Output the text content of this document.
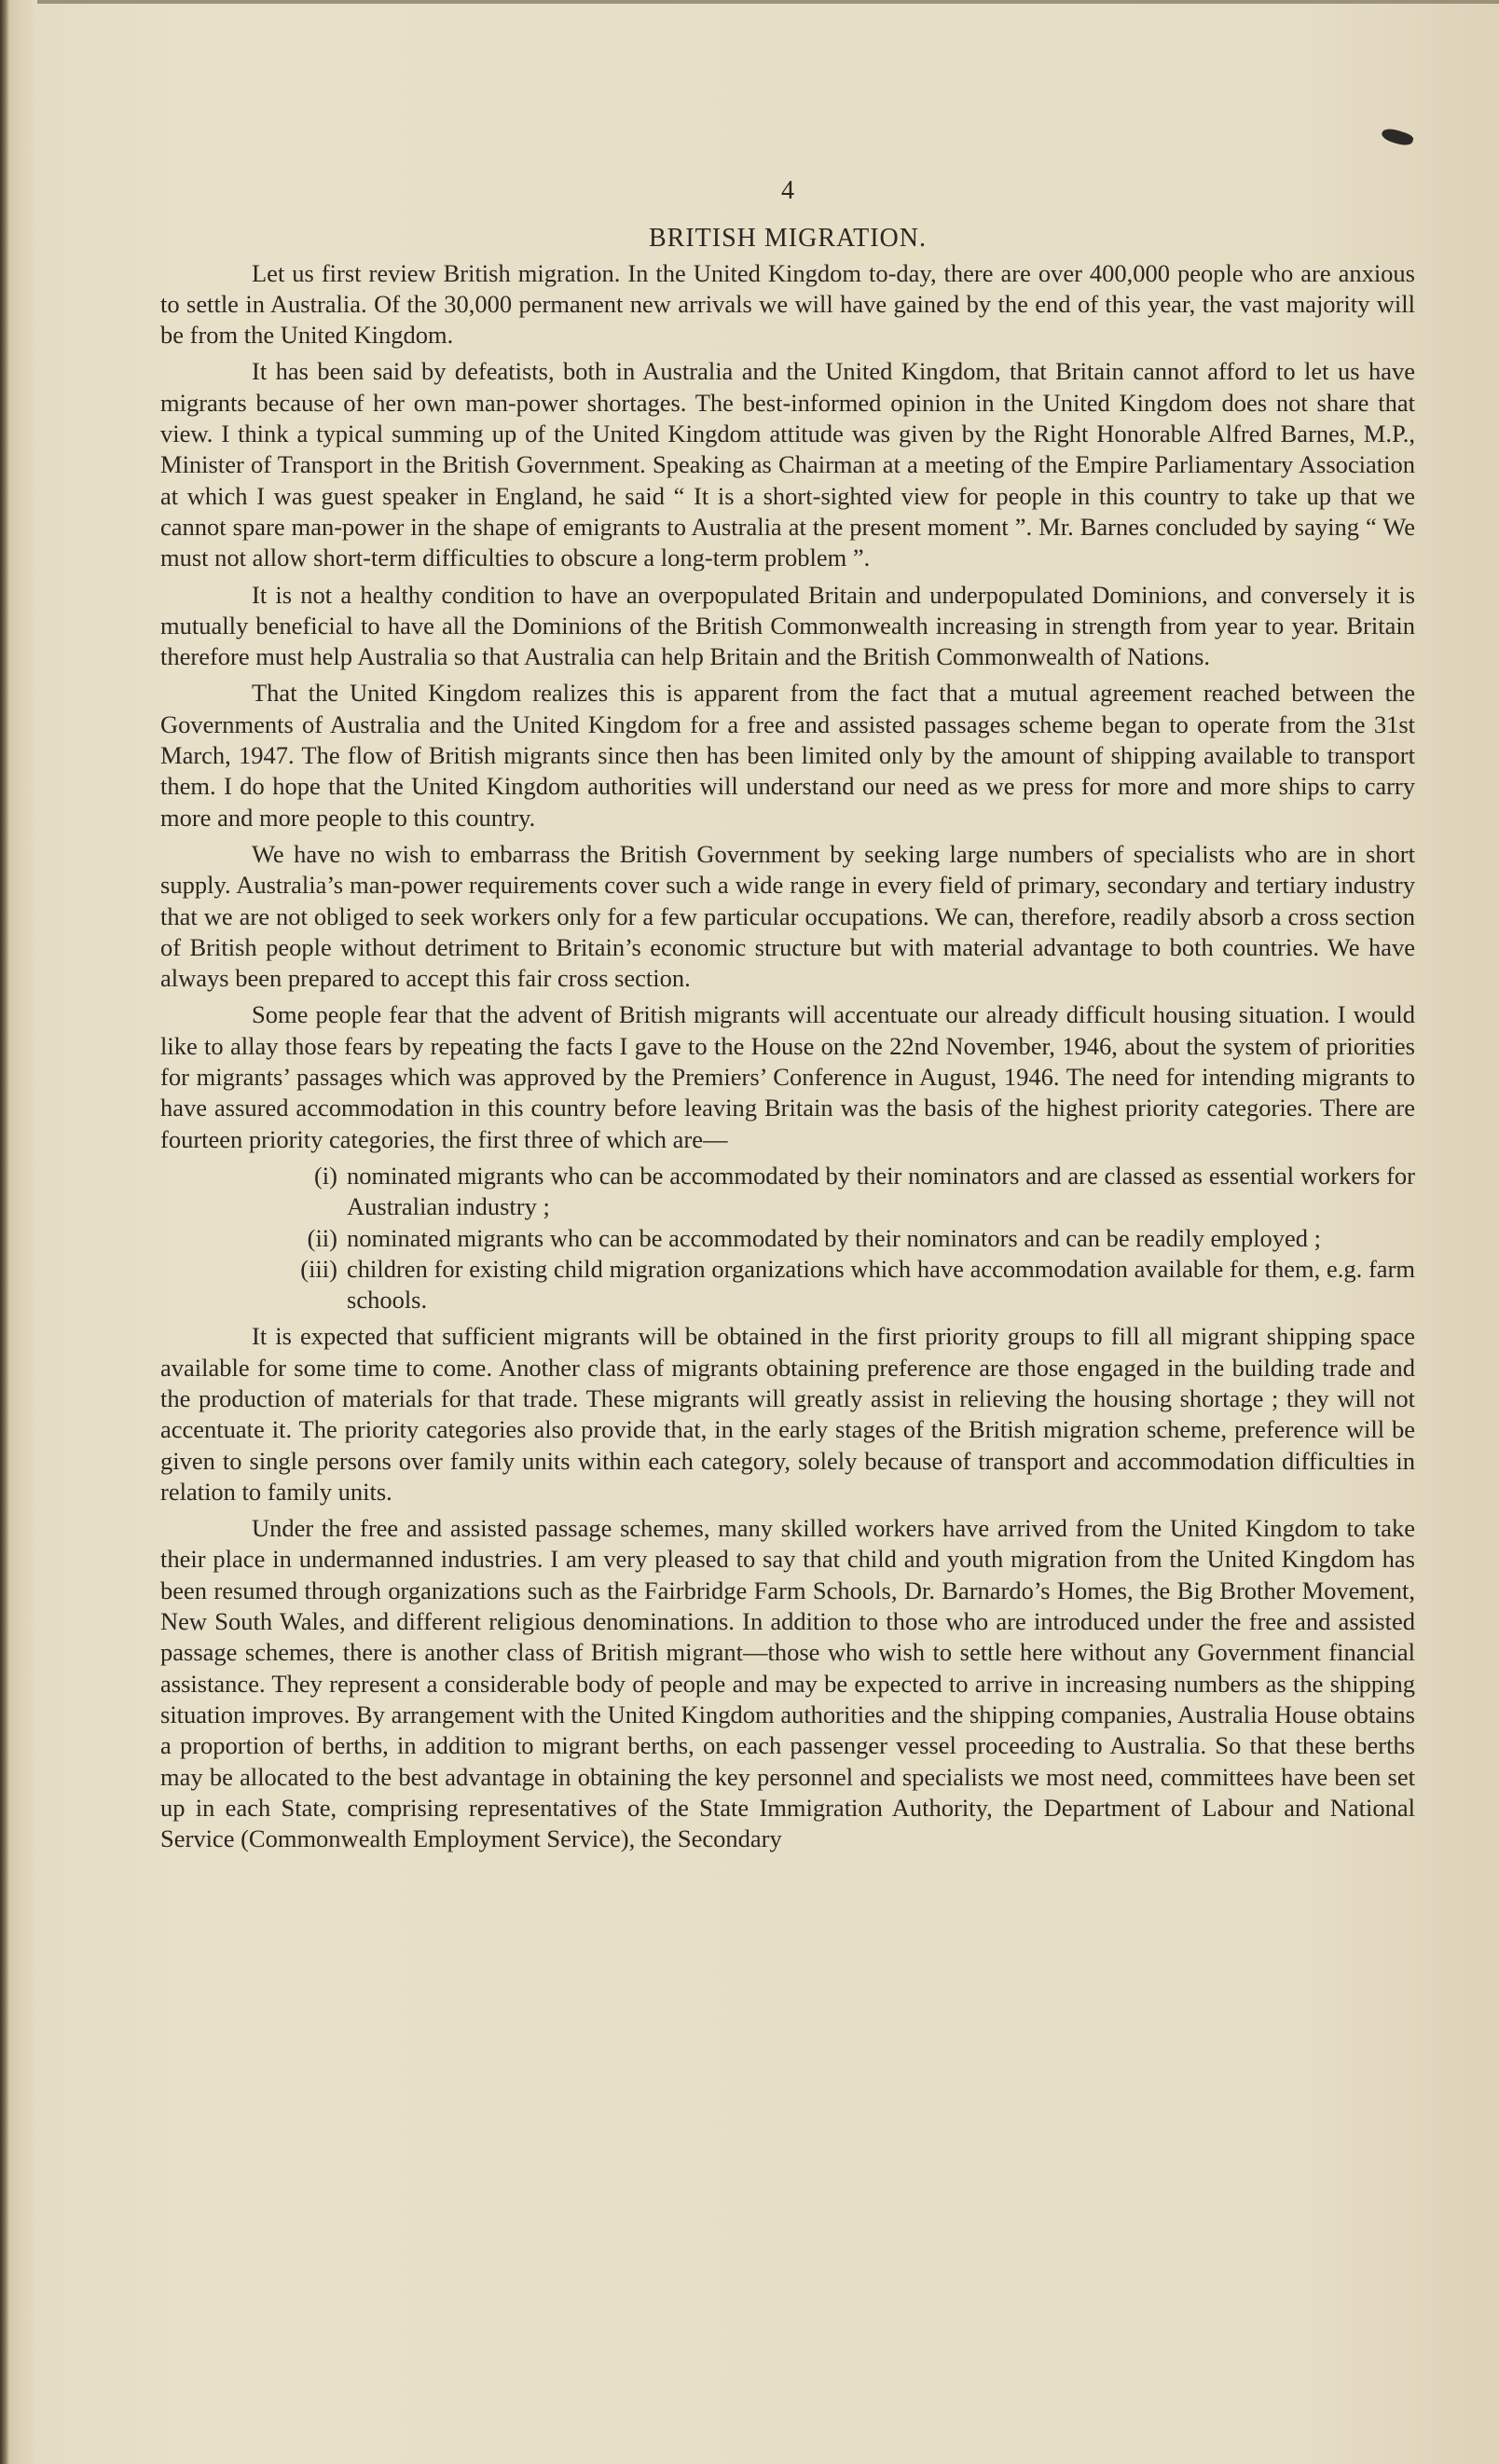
4
BRITISH MIGRATION.

Let us first review British migration. In the United Kingdom to-day, there are over 400,000 people who are anxious to settle in Australia. Of the 30,000 permanent new arrivals we will have gained by the end of this year, the vast majority will be from the United Kingdom.

It has been said by defeatists, both in Australia and the United Kingdom, that Britain cannot afford to let us have migrants because of her own man-power shortages. The best-informed opinion in the United Kingdom does not share that view. I think a typical summing up of the United Kingdom attitude was given by the Right Honorable Alfred Barnes, M.P., Minister of Transport in the British Government. Speaking as Chairman at a meeting of the Empire Parliamentary Association at which I was guest speaker in England, he said “ It is a short-sighted view for people in this country to take up that we cannot spare man-power in the shape of emigrants to Australia at the present moment ”. Mr. Barnes concluded by saying “ We must not allow short-term difficulties to obscure a long-term problem ”.

It is not a healthy condition to have an overpopulated Britain and underpopulated Dominions, and conversely it is mutually beneficial to have all the Dominions of the British Commonwealth increasing in strength from year to year. Britain therefore must help Australia so that Australia can help Britain and the British Commonwealth of Nations.

That the United Kingdom realizes this is apparent from the fact that a mutual agreement reached between the Governments of Australia and the United Kingdom for a free and assisted passages scheme began to operate from the 31st March, 1947. The flow of British migrants since then has been limited only by the amount of shipping available to transport them. I do hope that the United Kingdom authorities will understand our need as we press for more and more ships to carry more and more people to this country.

We have no wish to embarrass the British Government by seeking large numbers of specialists who are in short supply. Australia’s man-power requirements cover such a wide range in every field of primary, secondary and tertiary industry that we are not obliged to seek workers only for a few particular occupations. We can, therefore, readily absorb a cross section of British people without detriment to Britain’s economic structure but with material advantage to both countries. We have always been prepared to accept this fair cross section.

Some people fear that the advent of British migrants will accentuate our already difficult housing situation. I would like to allay those fears by repeating the facts I gave to the House on the 22nd November, 1946, about the system of priorities for migrants’ passages which was approved by the Premiers’ Conference in August, 1946. The need for intending migrants to have assured accommodation in this country before leaving Britain was the basis of the highest priority categories. There are fourteen priority categories, the first three of which are—

(i) nominated migrants who can be accommodated by their nominators and are classed as essential workers for Australian industry ;
(ii) nominated migrants who can be accommodated by their nominators and can be readily employed ;
(iii) children for existing child migration organizations which have accommodation available for them, e.g. farm schools.

It is expected that sufficient migrants will be obtained in the first priority groups to fill all migrant shipping space available for some time to come. Another class of migrants obtaining preference are those engaged in the building trade and the production of materials for that trade. These migrants will greatly assist in relieving the housing shortage ; they will not accentuate it. The priority categories also provide that, in the early stages of the British migration scheme, preference will be given to single persons over family units within each category, solely because of transport and accommodation difficulties in relation to family units.

Under the free and assisted passage schemes, many skilled workers have arrived from the United Kingdom to take their place in undermanned industries. I am very pleased to say that child and youth migration from the United Kingdom has been resumed through organizations such as the Fairbridge Farm Schools, Dr. Barnardo’s Homes, the Big Brother Movement, New South Wales, and different religious denominations. In addition to those who are introduced under the free and assisted passage schemes, there is another class of British migrant—those who wish to settle here without any Government financial assistance. They represent a considerable body of people and may be expected to arrive in increasing numbers as the shipping situation improves. By arrangement with the United Kingdom authorities and the shipping companies, Australia House obtains a proportion of berths, in addition to migrant berths, on each passenger vessel proceeding to Australia. So that these berths may be allocated to the best advantage in obtaining the key personnel and specialists we most need, committees have been set up in each State, comprising representatives of the State Immigration Authority, the Department of Labour and National Service (Commonwealth Employment Service), the Secondary
